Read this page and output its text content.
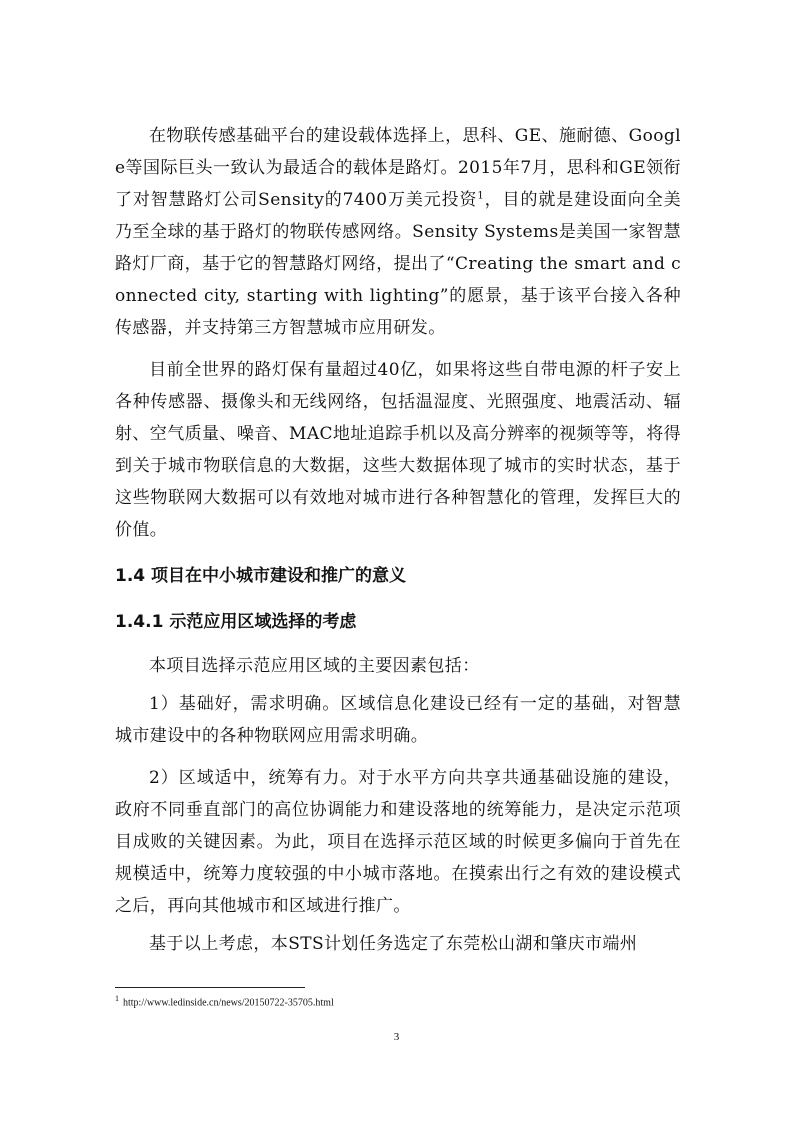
在物联传感基础平台的建设载体选择上，思科、GE、施耐德、Google等国际巨头一致认为最适合的载体是路灯。2015年7月，思科和GE领衔了对智慧路灯公司Sensity的7400万美元投资$^1$，目的就是建设面向全美乃至全球的基于路灯的物联传感网络。Sensity Systems是美国一家智慧路灯厂商，基于它的智慧路灯网络，提出了“Creating the smart and connected city, starting with lighting”的愿景，基于该平台接入各种传感器，并支持第三方智慧城市应用研发。

目前全世界的路灯保有量超过40亿，如果将这些自带电源的杆子安上各种传感器、摄像头和无线网络，包括温湿度、光照强度、地震活动、辐射、空气质量、噪音、MAC地址追踪手机以及高分辨率的视频等等，将得到关于城市物联信息的大数据，这些大数据体现了城市的实时状态，基于这些物联网大数据可以有效地对城市进行各种智慧化的管理，发挥巨大的价值。

1.4 项目在中小城市建设和推广的意义
1.4.1 示范应用区域选择的考虑

本项目选择示范应用区域的主要因素包括：

1）基础好，需求明确。区域信息化建设已经有一定的基础，对智慧城市建设中的各种物联网应用需求明确。

2）区域适中，统筹有力。对于水平方向共享共通基础设施的建设，政府不同垂直部门的高位协调能力和建设落地的统筹能力，是决定示范项目成败的关键因素。为此，项目在选择示范区域的时候更多偏向于首先在规模适中，统筹力度较强的中小城市落地。在摸索出行之有效的建设模式之后，再向其他城市和区域进行推广。

基于以上考虑，本STS计划任务选定了东莞松山湖和肇庆市端州

$^1$ http://www.ledinside.cn/news/20150722-35705.html
3
